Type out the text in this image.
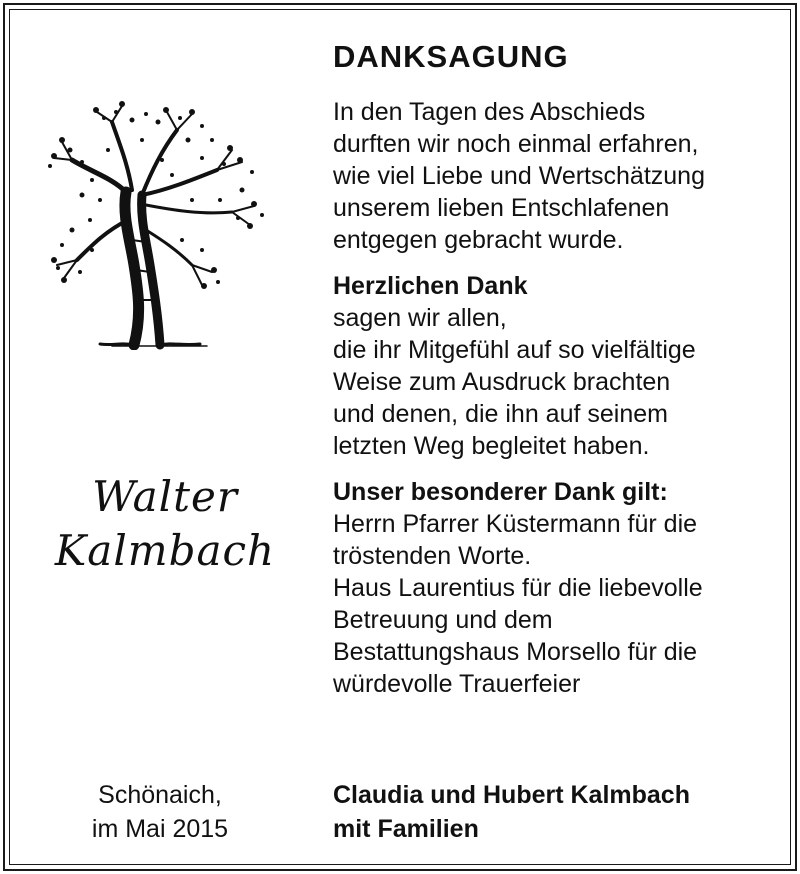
Walter
Kalmbach
Schönaich,
im Mai 2015
DANKSAGUNG
In den Tagen des Abschieds
durften wir noch einmal erfahren,
wie viel Liebe und Wertschätzung
unserem lieben Entschlafenen
entgegen gebracht wurde.
Herzlichen Dank
sagen wir allen,
die ihr Mitgefühl auf so vielfältige
Weise zum Ausdruck brachten
und denen, die ihn auf seinem
letzten Weg begleitet haben.
Unser besonderer Dank gilt:
Herrn Pfarrer Küstermann für die
tröstenden Worte.
Haus Laurentius für die liebevolle
Betreuung und dem
Bestattungshaus Morsello für die
würdevolle Trauerfeier
Claudia und Hubert Kalmbach
mit Familien
